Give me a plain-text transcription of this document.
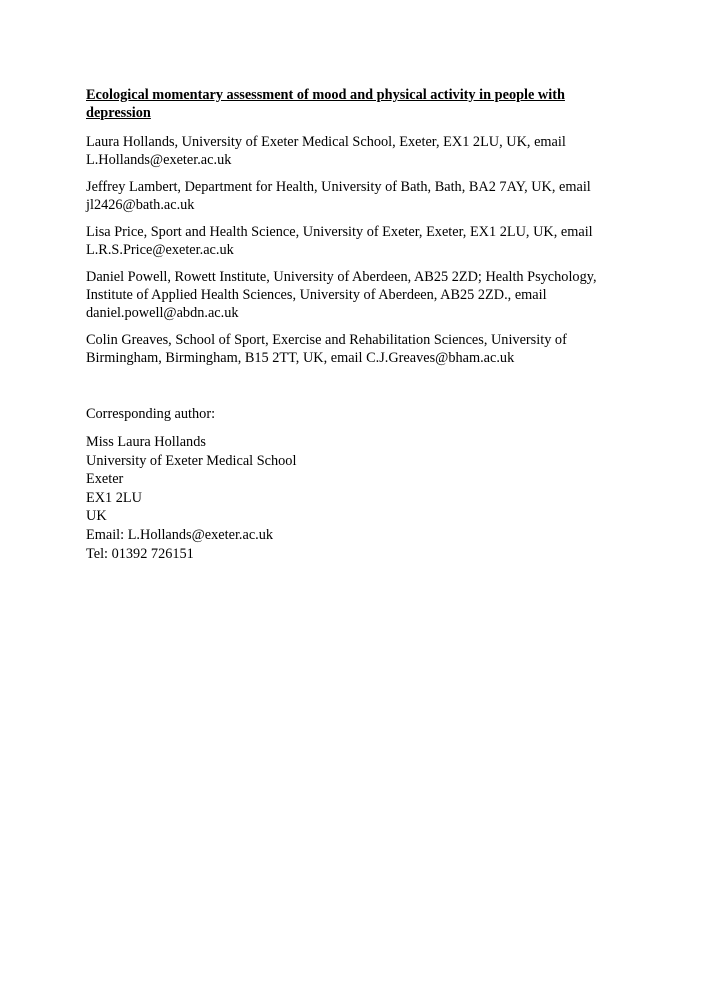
Ecological momentary assessment of mood and physical activity in people with depression

Laura Hollands, University of Exeter Medical School, Exeter, EX1 2LU, UK, email L.Hollands@exeter.ac.uk

Jeffrey Lambert, Department for Health, University of Bath, Bath, BA2 7AY, UK, email jl2426@bath.ac.uk

Lisa Price, Sport and Health Science, University of Exeter, Exeter, EX1 2LU, UK, email L.R.S.Price@exeter.ac.uk

Daniel Powell, Rowett Institute, University of Aberdeen, AB25 2ZD; Health Psychology, Institute of Applied Health Sciences, University of Aberdeen, AB25 2ZD., email daniel.powell@abdn.ac.uk

Colin Greaves, School of Sport, Exercise and Rehabilitation Sciences, University of Birmingham, Birmingham, B15 2TT, UK, email C.J.Greaves@bham.ac.uk

Corresponding author:

Miss Laura Hollands
University of Exeter Medical School
Exeter
EX1 2LU
UK
Email: L.Hollands@exeter.ac.uk
Tel: 01392 726151
